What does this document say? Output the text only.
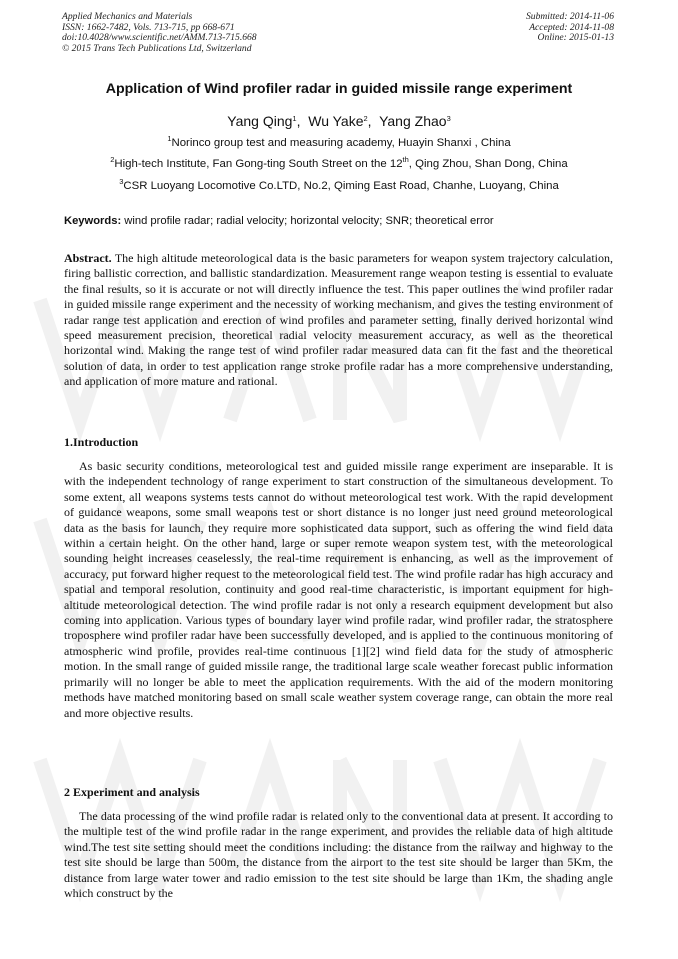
Applied Mechanics and Materials
ISSN: 1662-7482, Vols. 713-715, pp 668-671
doi:10.4028/www.scientific.net/AMM.713-715.668
© 2015 Trans Tech Publications Ltd, Switzerland
Submitted: 2014-11-06
Accepted: 2014-11-08
Online: 2015-01-13
Application of Wind profiler radar in guided missile range experiment
Yang Qing$^1$,  Wu Yake$^2$,  Yang Zhao$^3$
$^1$Norinco group test and measuring academy, Huayin Shanxi , China
$^2$High-tech Institute, Fan Gong-ting South Street on the 12th, Qing Zhou, Shan Dong, China
$^3$CSR Luoyang Locomotive Co.LTD, No.2, Qiming East Road, Chanhe, Luoyang, China
Keywords: wind profile radar; radial velocity; horizontal velocity; SNR; theoretical error

Abstract. The high altitude meteorological data is the basic parameters for weapon system trajectory calculation, firing ballistic correction, and ballistic standardization. Measurement range weapon testing is essential to evaluate the final results, so it is accurate or not will directly influence the test. This paper outlines the wind profiler radar in guided missile range experiment and the necessity of working mechanism, and gives the testing environment of radar range test application and erection of wind profiles and parameter setting, finally derived horizontal wind speed measurement precision, theoretical radial velocity measurement accuracy, as well as the theoretical horizontal wind. Making the range test of wind profiler radar measured data can fit the fast and the theoretical solution of data, in order to test application range stroke profile radar has a more comprehensive understanding, and application of more mature and rational.

1.Introduction

As basic security conditions, meteorological test and guided missile range experiment are inseparable. It is with the independent technology of range experiment to start construction of the simultaneous development. To some extent, all weapons systems tests cannot do without meteorological test work. With the rapid development of guidance weapons, some small weapons test or short distance is no longer just need ground meteorological data as the basis for launch, they require more sophisticated data support, such as offering the wind field data within a certain height. On the other hand, large or super remote weapon system test, with the meteorological sounding height increases ceaselessly, the real-time requirement is enhancing, as well as the improvement of accuracy, put forward higher request to the meteorological field test. The wind profile radar has high accuracy and spatial and temporal resolution, continuity and good real-time characteristic, is important equipment for high-altitude meteorological detection. The wind profile radar is not only a research equipment development but also coming into application. Various types of boundary layer wind profile radar, wind profiler radar, the stratosphere troposphere wind profiler radar have been successfully developed, and is applied to the continuous monitoring of atmospheric wind profile, provides real-time continuous [1][2] wind field data for the study of atmospheric motion. In the small range of guided missile range, the traditional large scale weather forecast public information primarily will no longer be able to meet the application requirements. With the aid of the modern monitoring methods have matched monitoring based on small scale weather system coverage range, can obtain the more real and more objective results.

2 Experiment and analysis

The data processing of the wind profile radar is related only to the conventional data at present. It according to the multiple test of the wind profile radar in the range experiment, and provides the reliable data of high altitude wind.The test site setting should meet the conditions including: the distance from the railway and highway to the test site should be large than 500m, the distance from the airport to the test site should be larger than 5Km, the distance from large water tower and radio emission to the test site should be large than 1Km, the shading angle which construct by the
